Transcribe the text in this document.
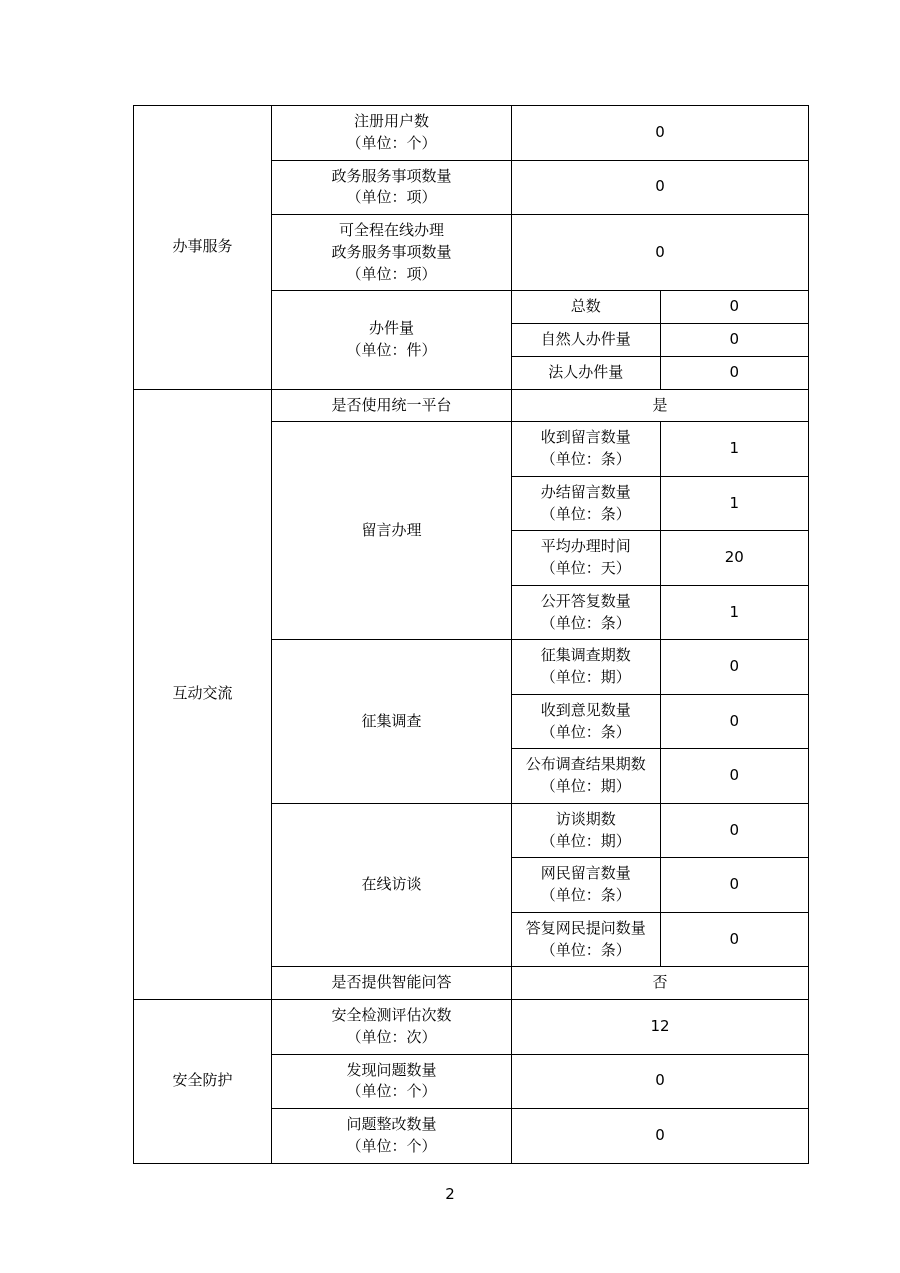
办事服务	注册用户数
（单位：个）	0	

	政务服务事项数量
（单位：项）	0	

	可全程在线办理
政务服务事项数量
（单位：项）	0	

	办件量
（单位：件）	总数	0

		自然人办件量	0

		法人办件量	0
互动交流	是否使用统一平台	是	

	留言办理	收到留言数量
（单位：条）	1

		办结留言数量
（单位：条）	1

		平均办理时间
（单位：天）	20

		公开答复数量
（单位：条）	1

	征集调查	征集调查期数
（单位：期）	0

		收到意见数量
（单位：条）	0

		公布调查结果期数
（单位：期）	0

	在线访谈	访谈期数
（单位：期）	0

		网民留言数量
（单位：条）	0

		答复网民提问数量
（单位：条）	0

	是否提供智能问答	否	
安全防护	安全检测评估次数
（单位：次）	12	

	发现问题数量
（单位：个）	0	

	问题整改数量
（单位：个）	0	
2
